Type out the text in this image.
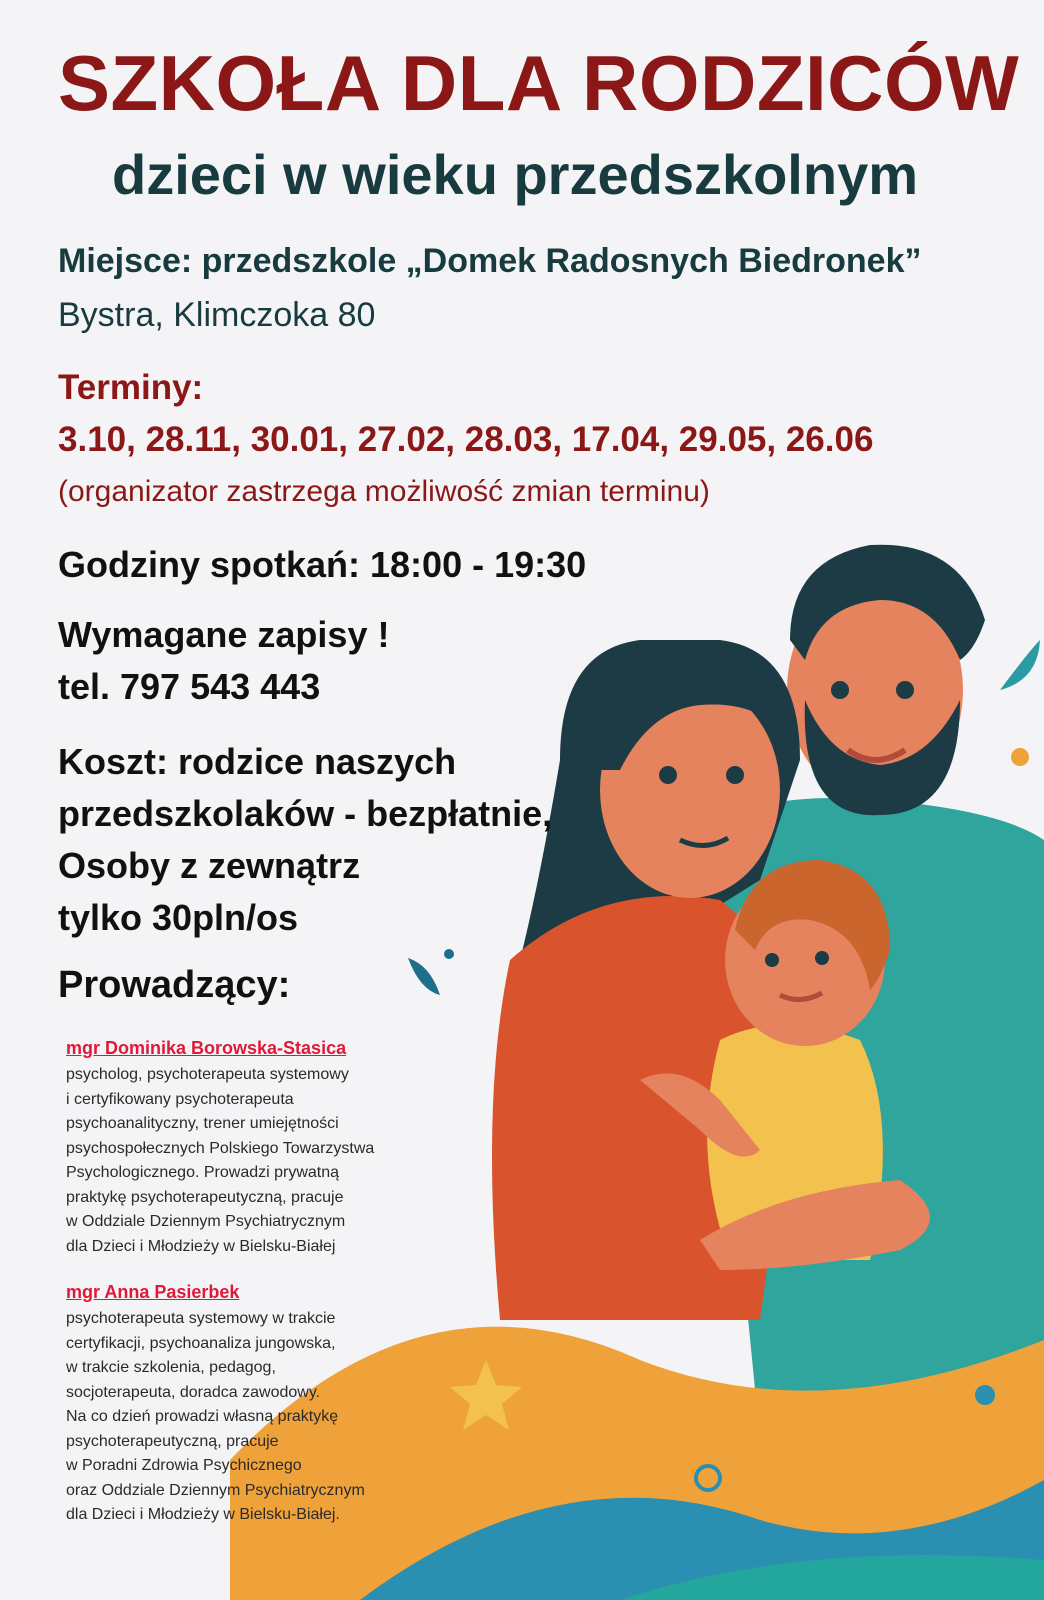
SZKOŁA DLA RODZICÓW
dzieci w wieku przedszkolnym

Miejsce: przedszkole „Domek Radosnych Biedronek”

Bystra, Klimczoka 80

Terminy:

3.10, 28.11, 30.01, 27.02, 28.03, 17.04, 29.05, 26.06

(organizator zastrzega możliwość zmian terminu)

Godziny spotkań: 18:00 - 19:30

Wymagane zapisy !

tel. 797 543 443

Koszt: rodzice naszych
przedszkolaków - bezpłatnie,
Osoby z zewnątrz
tylko 30pln/os

Prowadzący:

mgr Dominika Borowska-Stasica
psycholog, psychoterapeuta systemowy
i certyfikowany psychoterapeuta
psychoanalityczny, trener umiejętności
psychospołecznych Polskiego Towarzystwa
Psychologicznego. Prowadzi prywatną
praktykę psychoterapeutyczną, pracuje
w Oddziale Dziennym Psychiatrycznym
dla Dzieci i Młodzieży w Bielsku-Białej
mgr Anna Pasierbek
psychoterapeuta systemowy w trakcie
certyfikacji, psychoanaliza jungowska,
w trakcie szkolenia, pedagog,
socjoterapeuta, doradca zawodowy.
Na co dzień prowadzi własną praktykę
psychoterapeutyczną, pracuje
w Poradni Zdrowia Psychicznego
oraz Oddziale Dziennym Psychiatrycznym
dla Dzieci i Młodzieży w Bielsku-Białej.
